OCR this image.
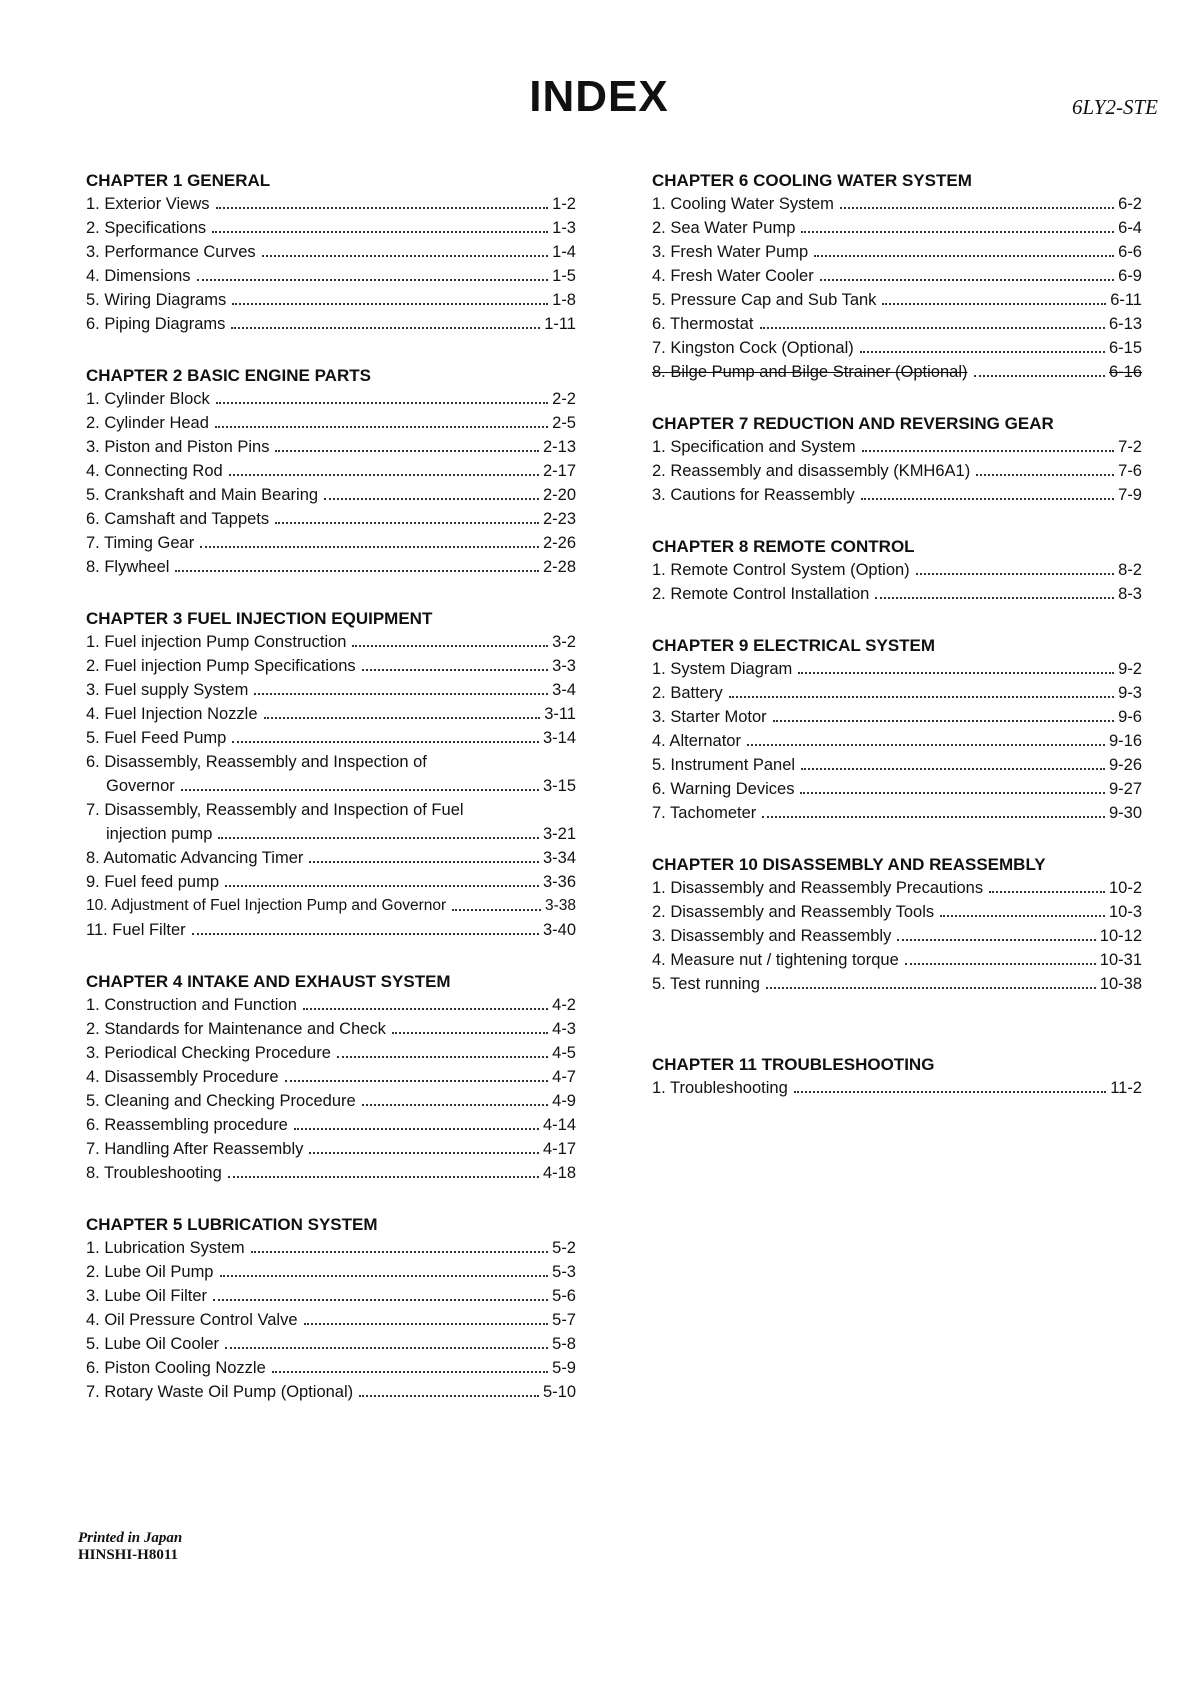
INDEX	6LY2-STE
CHAPTER 1 GENERAL
1. Exterior Views	1-2
2. Specifications	1-3
3. Performance Curves	1-4
4. Dimensions	1-5
5. Wiring Diagrams	1-8
6. Piping Diagrams	1-11
CHAPTER 2 BASIC ENGINE PARTS
1. Cylinder Block	2-2
2. Cylinder Head	2-5
3. Piston and Piston Pins	2-13
4. Connecting Rod	2-17
5. Crankshaft and Main Bearing	2-20
6. Camshaft and Tappets	2-23
7. Timing Gear	2-26
8. Flywheel	2-28
CHAPTER 3 FUEL INJECTION EQUIPMENT
1. Fuel injection Pump Construction	3-2
2. Fuel injection Pump Specifications	3-3
3. Fuel supply System	3-4
4. Fuel Injection Nozzle	3-11
5. Fuel Feed Pump	3-14
6. Disassembly, Reassembly and Inspection of
Governor	3-15
7. Disassembly, Reassembly and Inspection of Fuel
injection pump	3-21
8. Automatic Advancing Timer	3-34
9. Fuel feed pump	3-36
10. Adjustment of Fuel Injection Pump and Governor	3-38
11. Fuel Filter	3-40
CHAPTER 4 INTAKE AND EXHAUST SYSTEM
1. Construction and Function	4-2
2. Standards for Maintenance and Check	4-3
3. Periodical Checking Procedure	4-5
4. Disassembly Procedure	4-7
5. Cleaning and Checking Procedure	4-9
6. Reassembling procedure	4-14
7. Handling After Reassembly	4-17
8. Troubleshooting	4-18
CHAPTER 5 LUBRICATION SYSTEM
1. Lubrication System	5-2
2. Lube Oil Pump	5-3
3. Lube Oil Filter	5-6
4. Oil Pressure Control Valve	5-7
5. Lube Oil Cooler	5-8
6. Piston Cooling Nozzle	5-9
7. Rotary Waste Oil Pump (Optional)	5-10
CHAPTER 6 COOLING WATER SYSTEM
1. Cooling Water System	6-2
2. Sea Water Pump	6-4
3. Fresh Water Pump	6-6
4. Fresh Water Cooler	6-9
5. Pressure Cap and Sub Tank	6-11
6. Thermostat	6-13
7. Kingston Cock (Optional)	6-15
8. Bilge Pump and Bilge Strainer (Optional)	6-16
CHAPTER 7 REDUCTION AND REVERSING GEAR
1. Specification and System	7-2
2. Reassembly and disassembly (KMH6A1)	7-6
3. Cautions for Reassembly	7-9
CHAPTER 8 REMOTE CONTROL
1. Remote Control System (Option)	8-2
2. Remote Control Installation	8-3
CHAPTER 9 ELECTRICAL SYSTEM
1. System Diagram	9-2
2. Battery	9-3
3. Starter Motor	9-6
4. Alternator	9-16
5. Instrument Panel	9-26
6. Warning Devices	9-27
7. Tachometer	9-30
CHAPTER 10 DISASSEMBLY AND REASSEMBLY
1. Disassembly and Reassembly Precautions	10-2
2. Disassembly and Reassembly Tools	10-3
3. Disassembly and Reassembly	10-12
4. Measure nut / tightening torque	10-31
5. Test running	10-38
CHAPTER 11 TROUBLESHOOTING
1. Troubleshooting	11-2
Printed in Japan
HINSHI-H8011
